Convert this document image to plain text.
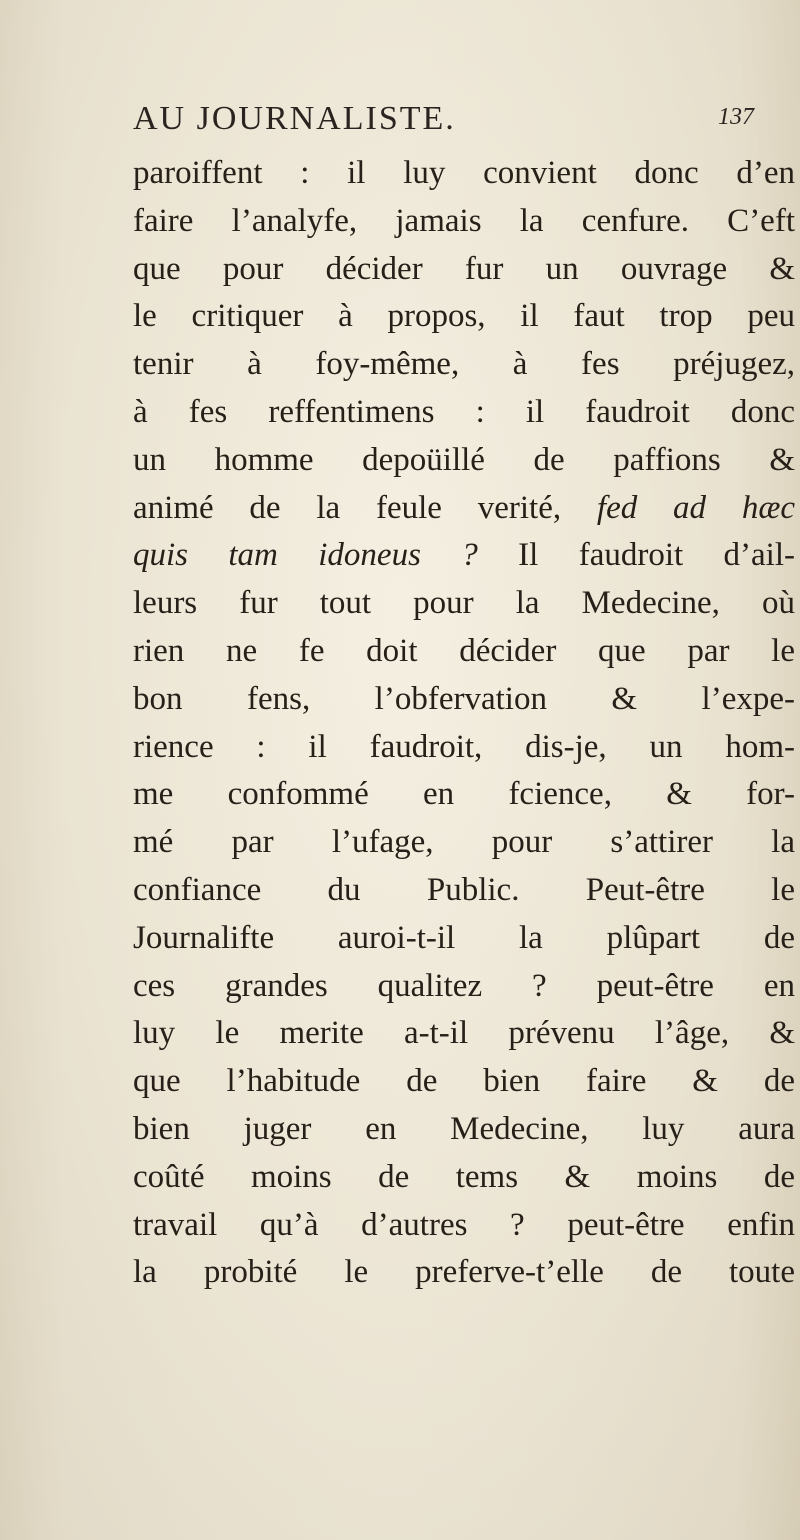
AU JOURNALISTE.	137
paroiffent : il luy convient donc d’en
faire l’analyfe, jamais la cenfure. C’eft
que pour décider fur un ouvrage &
le critiquer à propos, il faut trop peu
tenir à foy-même, à fes préjugez,
à fes reffentimens : il faudroit donc
un homme depoüillé de paffions &
animé de la feule verité, fed ad hæc
quis tam idoneus ? Il faudroit d’ail-
leurs fur tout pour la Medecine, où
rien ne fe doit décider que par le
bon fens, l’obfervation & l’expe-
rience : il faudroit, dis-je, un hom-
me confommé en fcience, & for-
mé par l’ufage, pour s’attirer la
confiance du Public. Peut-être le
Journalifte auroi-t-il la plûpart de
ces grandes qualitez ? peut-être en
luy le merite a-t-il prévenu l’âge, &
que l’habitude de bien faire & de
bien juger en Medecine, luy aura
coûté moins de tems & moins de
travail qu’à d’autres ? peut-être enfin
la probité le preferve-t’elle de toute
